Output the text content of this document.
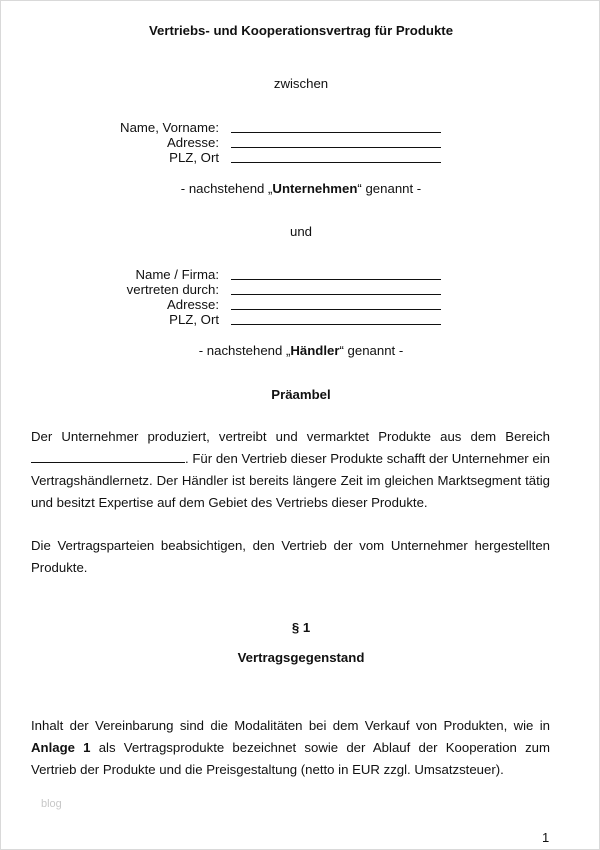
Vertriebs- und Kooperationsvertrag für Produkte
zwischen
Name, Vorname:
Adresse:
PLZ, Ort
- nachstehend „Unternehmen“ genannt -
und
Name / Firma:
vertreten durch:
Adresse:
PLZ, Ort
- nachstehend „Händler“ genannt -
Präambel
Der Unternehmer produziert, vertreibt und vermarktet Produkte aus dem Bereich . Für den Vertrieb dieser Produkte schafft der Unternehmer ein Vertragshändlernetz. Der Händler ist bereits längere Zeit im gleichen Marktsegment tätig und besitzt Expertise auf dem Gebiet des Vertriebs dieser Produkte.
Die Vertragsparteien beabsichtigen, den Vertrieb der vom Unternehmer hergestellten Produkte.
§ 1
Vertragsgegenstand
Inhalt der Vereinbarung sind die Modalitäten bei dem Verkauf von Produkten, wie in Anlage 1 als Vertragsprodukte bezeichnet sowie der Ablauf der Kooperation zum Vertrieb der Produkte und die Preisgestaltung (netto in EUR zzgl. Umsatzsteuer).
blog
1
